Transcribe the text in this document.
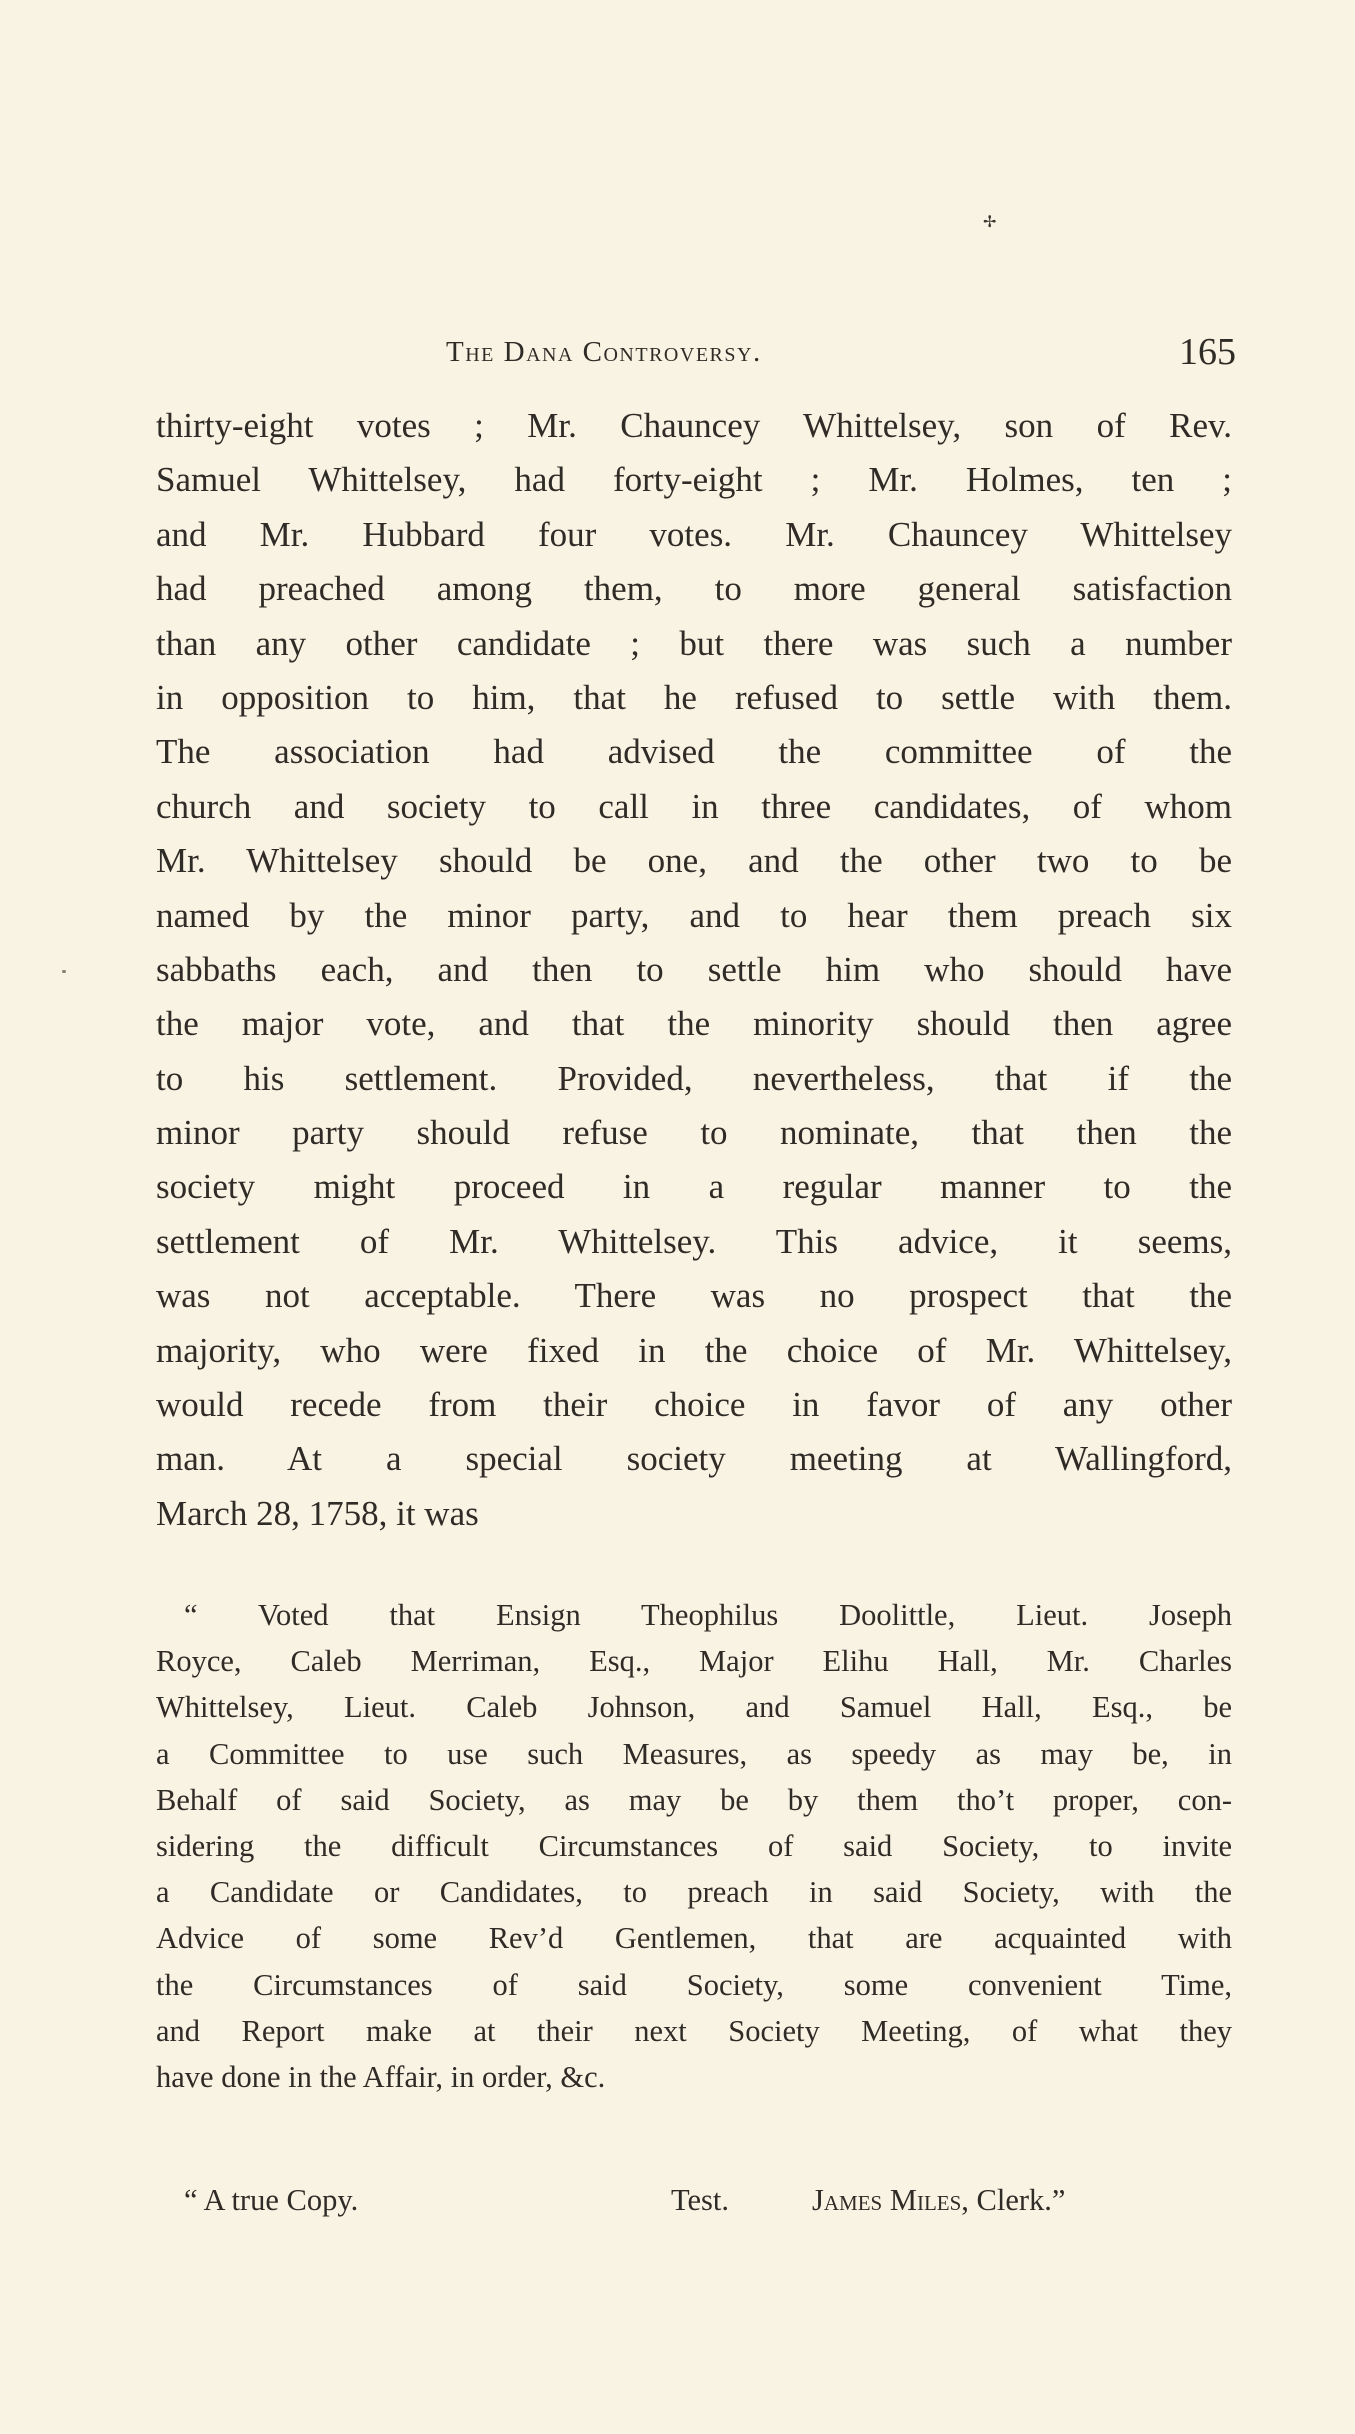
✢
The Dana Controversy.	165
thirty-eight votes ; Mr. Chauncey Whittelsey, son of Rev.
Samuel Whittelsey, had forty-eight ; Mr. Holmes, ten ;
and Mr. Hubbard four votes. Mr. Chauncey Whittelsey
had preached among them, to more general satisfaction
than any other candidate ; but there was such a number
in opposition to him, that he refused to settle with them.
The association had advised the committee of the
church and society to call in three candidates, of whom
Mr. Whittelsey should be one, and the other two to be
named by the minor party, and to hear them preach six
sabbaths each, and then to settle him who should have
the major vote, and that the minority should then agree
to his settlement. Provided, nevertheless, that if the
minor party should refuse to nominate, that then the
society might proceed in a regular manner to the
settlement of Mr. Whittelsey. This advice, it seems,
was not acceptable. There was no prospect that the
majority, who were fixed in the choice of Mr. Whittelsey,
would recede from their choice in favor of any other
man. At a special society meeting at Wallingford,
March 28, 1758, it was
“ Voted that Ensign Theophilus Doolittle, Lieut. Joseph
Royce, Caleb Merriman, Esq., Major Elihu Hall, Mr. Charles
Whittelsey, Lieut. Caleb Johnson, and Samuel Hall, Esq., be
a Committee to use such Measures, as speedy as may be, in
Behalf of said Society, as may be by them tho’t proper, con-
sidering the difficult Circumstances of said Society, to invite
a Candidate or Candidates, to preach in said Society, with the
Advice of some Rev’d Gentlemen, that are acquainted with
the Circumstances of said Society, some convenient Time,
and Report make at their next Society Meeting, of what they
have done in the Affair, in order, &c.
“ A true Copy.	Test.	James Miles, Clerk.”
